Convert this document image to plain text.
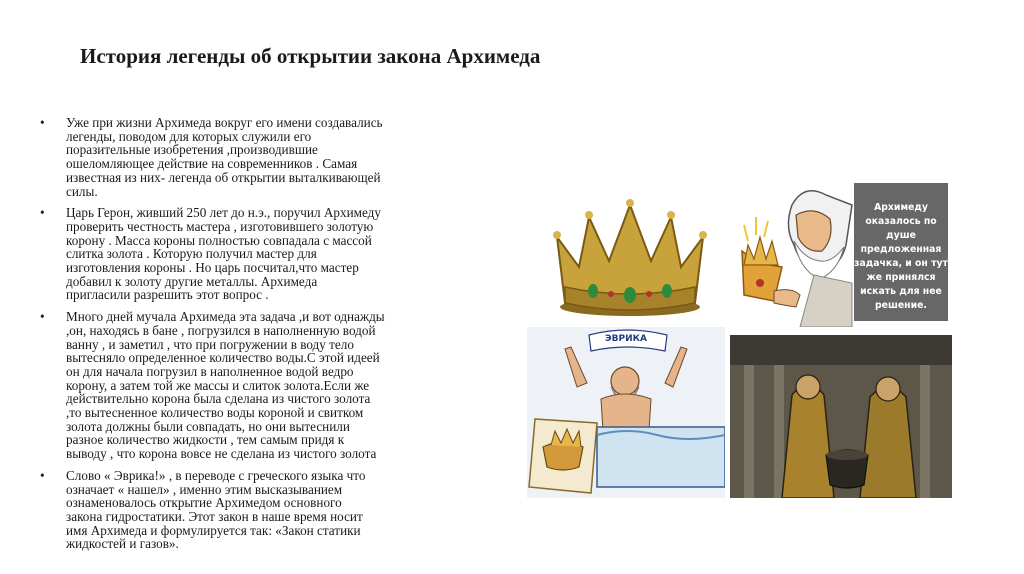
История легенды об открытии закона Архимеда
• Уже при жизни Архимеда вокруг его имени создавались
легенды, поводом для которых служили его
поразительные изобретения ,производившие
ошеломляющее действие на современников . Самая
известная из них- легенда об открытии выталкивающей
силы.
• Царь Герон, живший 250 лет до н.э., поручил Архимеду
проверить честность мастера , изготовившего золотую
корону . Масса короны полностью совпадала с массой
слитка золота . Которую получил мастер для
изготовления короны . Но царь посчитал,что мастер
добавил к золоту другие металлы. Архимеда
пригласили разрешить этот вопрос .
• Много дней мучала Архимеда эта задача ,и вот однажды
,он, находясь в бане , погрузился в наполненную водой
ванну , и заметил , что при погружении в воду тело
вытесняло определенное количество воды.С этой идеей
он для начала погрузил в наполненное водой ведро
корону, а затем той же массы и слиток золота.Если же
действительно корона была сделана из чистого золота
,то вытесненное количество воды короной и свитком
золота должны были совпадать, но они вытеснили
разное количество жидкости , тем самым придя к
выводу , что корона вовсе не сделана из чистого золота
• Слово « Эврика!» , в переводе с греческого языка что
означает « нашел» , именно этим высказыванием
ознаменовалось открытие Архимедом основного
закона гидростатики. Этот закон в наше время носит
имя Архимеда и формулируется так: «Закон статики
жидкостей и газов».
Архимеду
оказалось по
душе
предложенная
задачка, и он тут
же принялся
искать для нее
решение.
ЭВРИКА
